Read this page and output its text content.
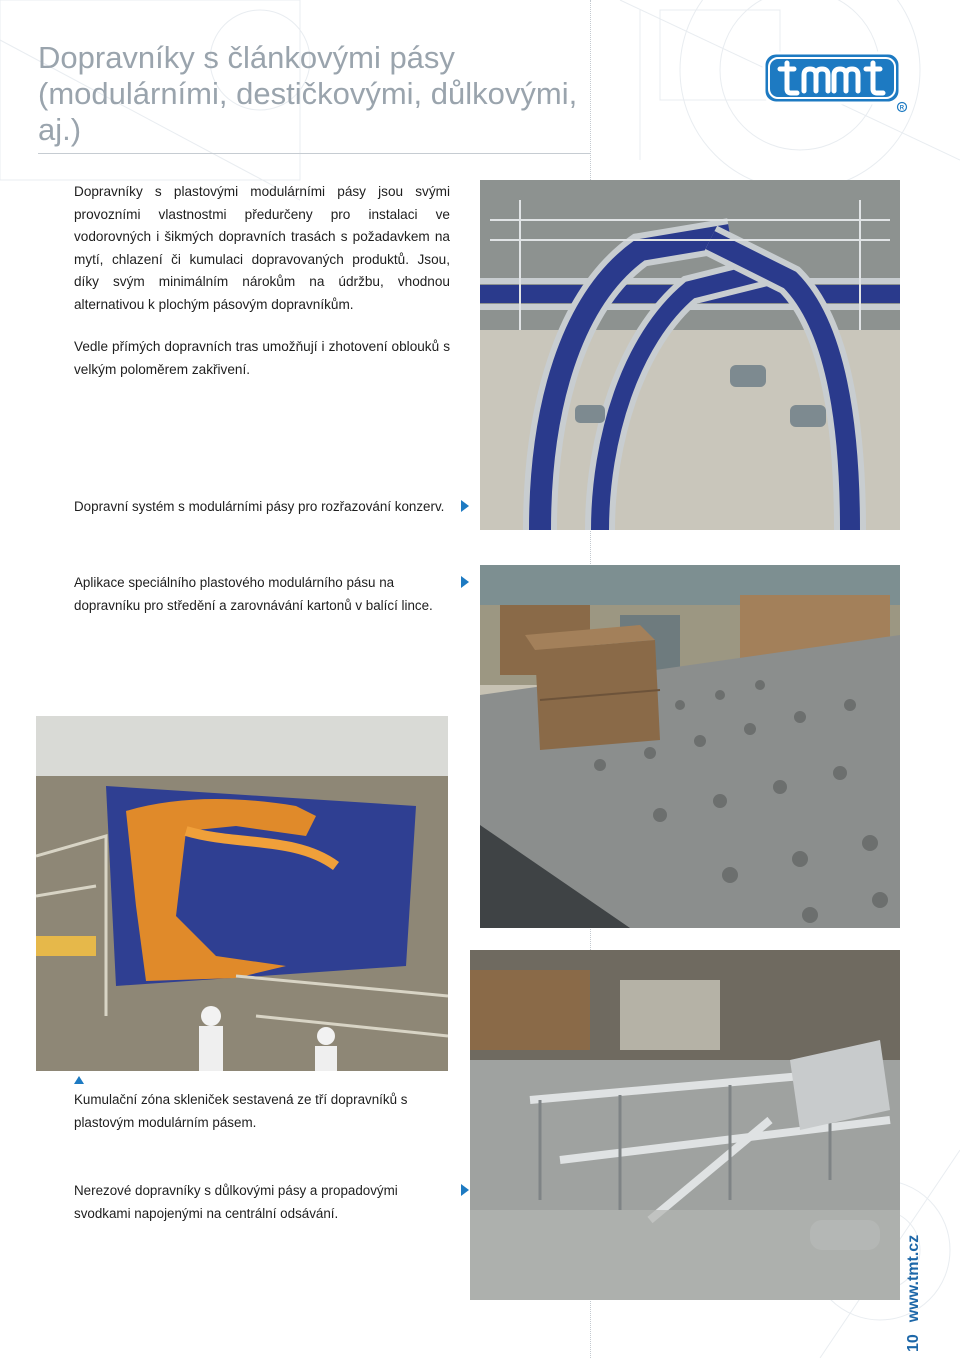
Dopravníky s článkovými pásy (modulárními, destičkovými, důlkovými, aj.)
R

Dopravníky s plastovými modulárními pásy jsou svými provozními vlastnostmi předurčeny pro instalaci ve vodorovných i šikmých dopravních trasách s požadavkem na mytí, chlazení či kumulaci dopravovaných produktů. Jsou, díky svým minimálním nárokům na údržbu, vhodnou alternativou k plochým pásovým dopravníkům.

Vedle přímých dopravních tras umožňují i zhotovení oblouků s velkým poloměrem zakřivení.

Dopravní systém s modulárními pásy pro rozřazování konzerv.

Aplikace speciálního plastového modulárního pásu na dopravníku pro středění a zarovnávání kartonů v balící lince.

Kumulační zóna skleniček sestavená ze tří dopravníků s plastovým modulárním pásem.

Nerezové dopravníky s důlkovými pásy a propadovými svodkami napojenými na centrální odsávání.

10www.tmt.cz
